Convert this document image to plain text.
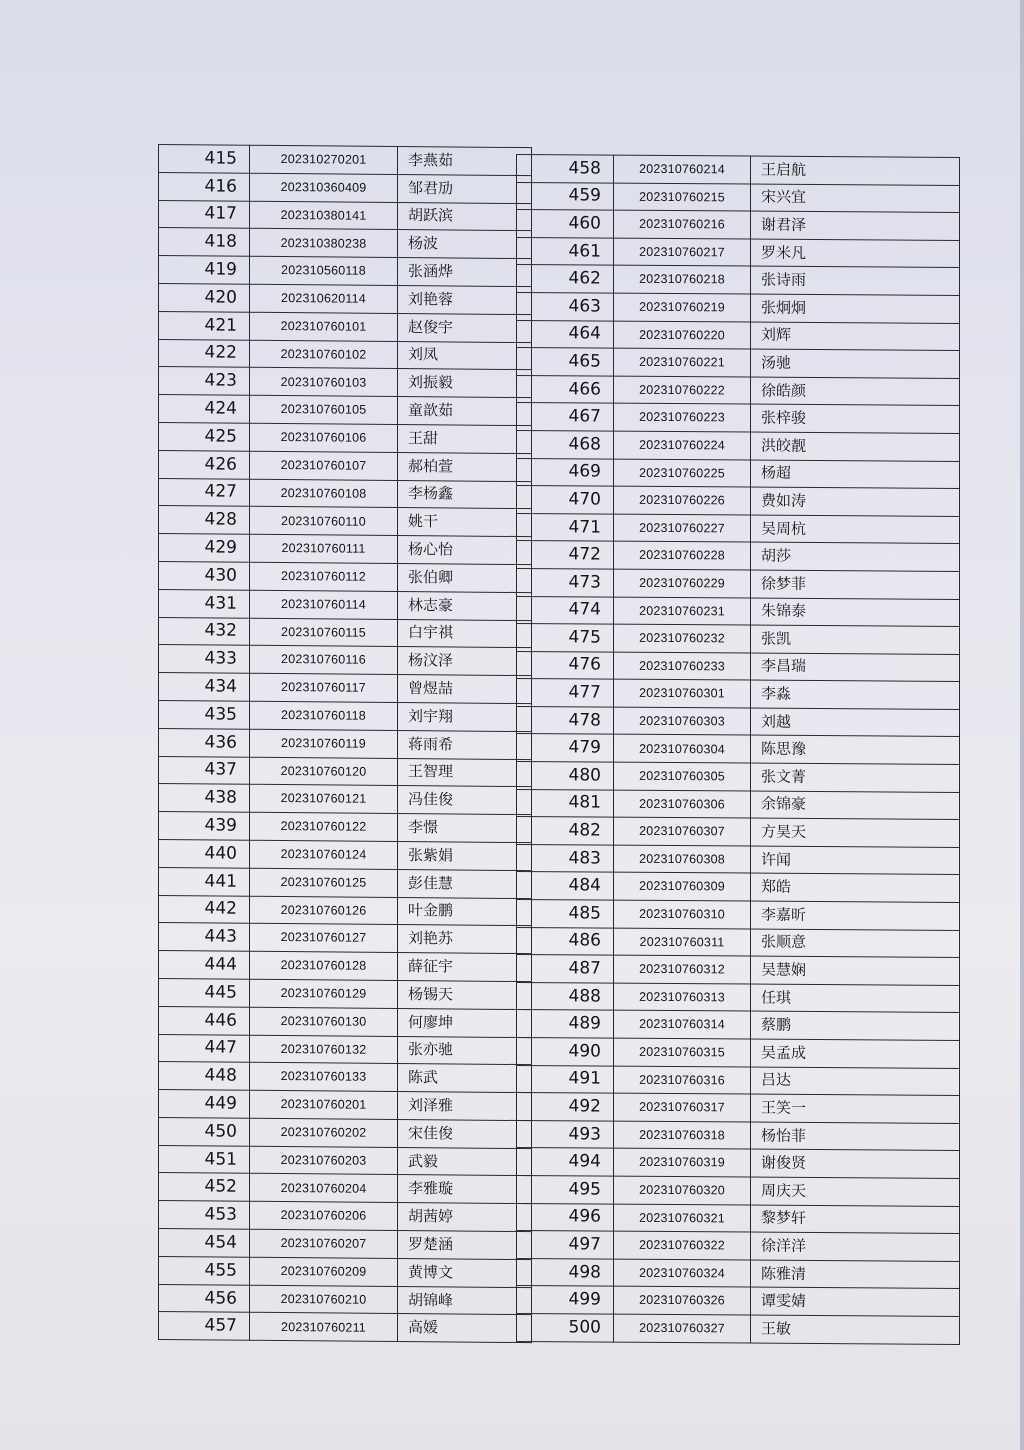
415	202310270201	李燕茹
416	202310360409	邹君劢
417	202310380141	胡跃滨
418	202310380238	杨波
419	202310560118	张涵烨
420	202310620114	刘艳蓉
421	202310760101	赵俊宇
422	202310760102	刘凤
423	202310760103	刘振毅
424	202310760105	童歆茹
425	202310760106	王甜
426	202310760107	郝柏萱
427	202310760108	李杨鑫
428	202310760110	姚干
429	202310760111	杨心怡
430	202310760112	张伯卿
431	202310760114	林志豪
432	202310760115	白宇祺
433	202310760116	杨汶泽
434	202310760117	曾煜喆
435	202310760118	刘宇翔
436	202310760119	蒋雨希
437	202310760120	王智理
438	202310760121	冯佳俊
439	202310760122	李憬
440	202310760124	张紫娟
441	202310760125	彭佳慧
442	202310760126	叶金鹏
443	202310760127	刘艳苏
444	202310760128	薛征宇
445	202310760129	杨锡天
446	202310760130	何廖坤
447	202310760132	张亦驰
448	202310760133	陈武
449	202310760201	刘泽雅
450	202310760202	宋佳俊
451	202310760203	武毅
452	202310760204	李雅璇
453	202310760206	胡茜婷
454	202310760207	罗楚涵
455	202310760209	黄博文
456	202310760210	胡锦峰
457	202310760211	高媛
458	202310760214	王启航
459	202310760215	宋兴宜
460	202310760216	谢君泽
461	202310760217	罗米凡
462	202310760218	张诗雨
463	202310760219	张炯炯
464	202310760220	刘辉
465	202310760221	汤驰
466	202310760222	徐皓颜
467	202310760223	张梓骏
468	202310760224	洪皎靓
469	202310760225	杨超
470	202310760226	费如涛
471	202310760227	吴周杭
472	202310760228	胡莎
473	202310760229	徐梦菲
474	202310760231	朱锦泰
475	202310760232	张凯
476	202310760233	李昌瑞
477	202310760301	李淼
478	202310760303	刘越
479	202310760304	陈思豫
480	202310760305	张文菁
481	202310760306	余锦豪
482	202310760307	方昊天
483	202310760308	许闻
484	202310760309	郑皓
485	202310760310	李嘉昕
486	202310760311	张顺意
487	202310760312	吴慧娴
488	202310760313	任琪
489	202310760314	蔡鹏
490	202310760315	吴孟成
491	202310760316	吕达
492	202310760317	王笑一
493	202310760318	杨怡菲
494	202310760319	谢俊贤
495	202310760320	周庆天
496	202310760321	黎梦轩
497	202310760322	徐洋洋
498	202310760324	陈雅清
499	202310760326	谭雯婧
500	202310760327	王敏
